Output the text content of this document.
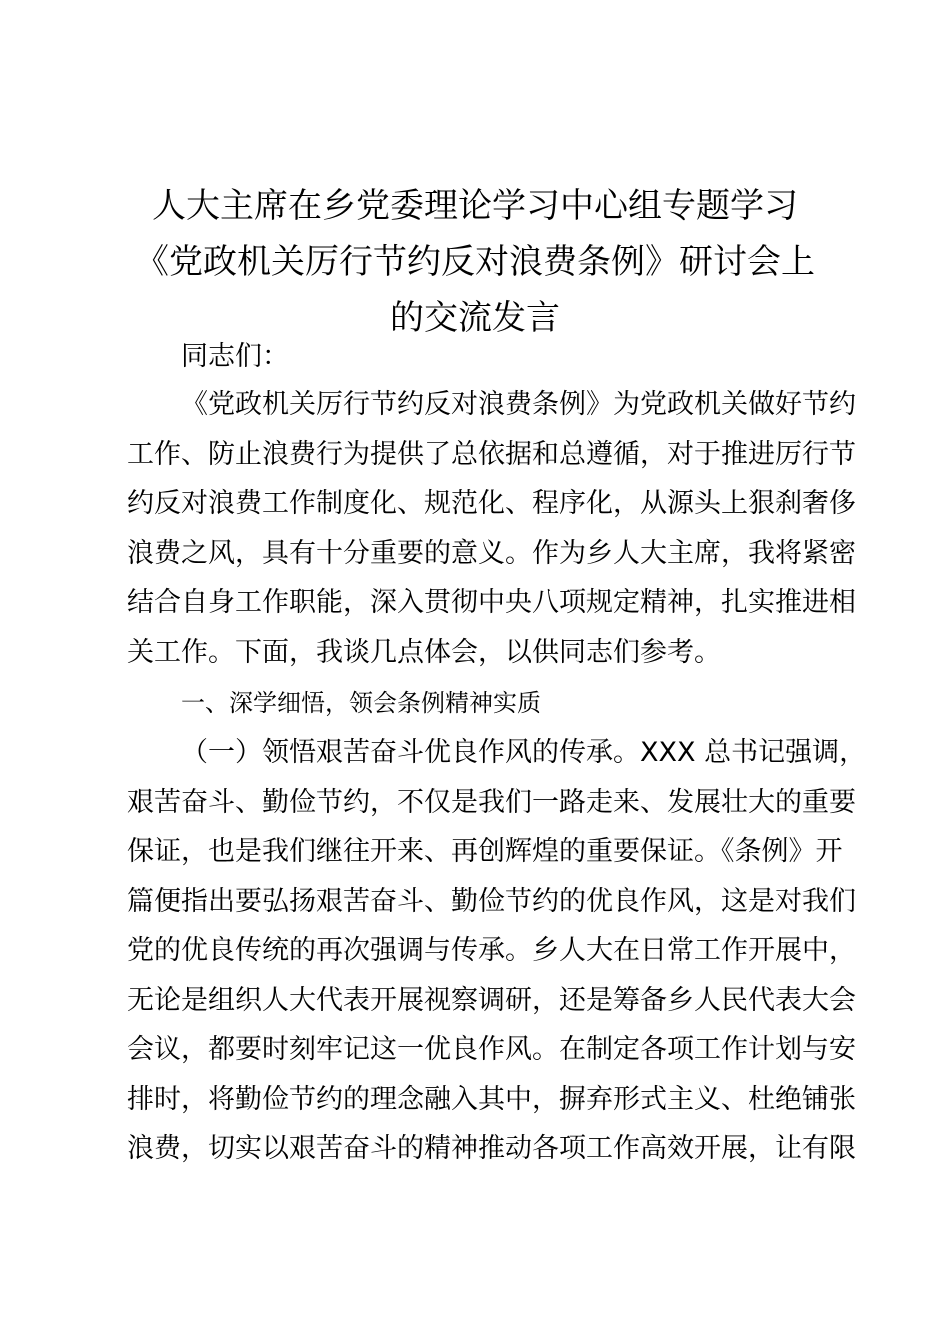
人大主席在乡党委理论学习中心组专题学习
《党政机关厉行节约反对浪费条例》研讨会上
的交流发言

同志们：

《党政机关厉行节约反对浪费条例》为党政机关做好节约
工作、防止浪费行为提供了总依据和总遵循，对于推进厉行节
约反对浪费工作制度化、规范化、程序化，从源头上狠刹奢侈
浪费之风，具有十分重要的意义。作为乡人大主席，我将紧密
结合自身工作职能，深入贯彻中央八项规定精神，扎实推进相
关工作。下面，我谈几点体会，以供同志们参考。

一、深学细悟，领会条例精神实质

（一）领悟艰苦奋斗优良作风的传承。XXX 总书记强调，
艰苦奋斗、勤俭节约，不仅是我们一路走来、发展壮大的重要
保证，也是我们继往开来、再创辉煌的重要保证。《条例》开
篇便指出要弘扬艰苦奋斗、勤俭节约的优良作风，这是对我们
党的优良传统的再次强调与传承。乡人大在日常工作开展中，
无论是组织人大代表开展视察调研，还是筹备乡人民代表大会
会议，都要时刻牢记这一优良作风。在制定各项工作计划与安
排时，将勤俭节约的理念融入其中，摒弃形式主义、杜绝铺张
浪费，切实以艰苦奋斗的精神推动各项工作高效开展，让有限
